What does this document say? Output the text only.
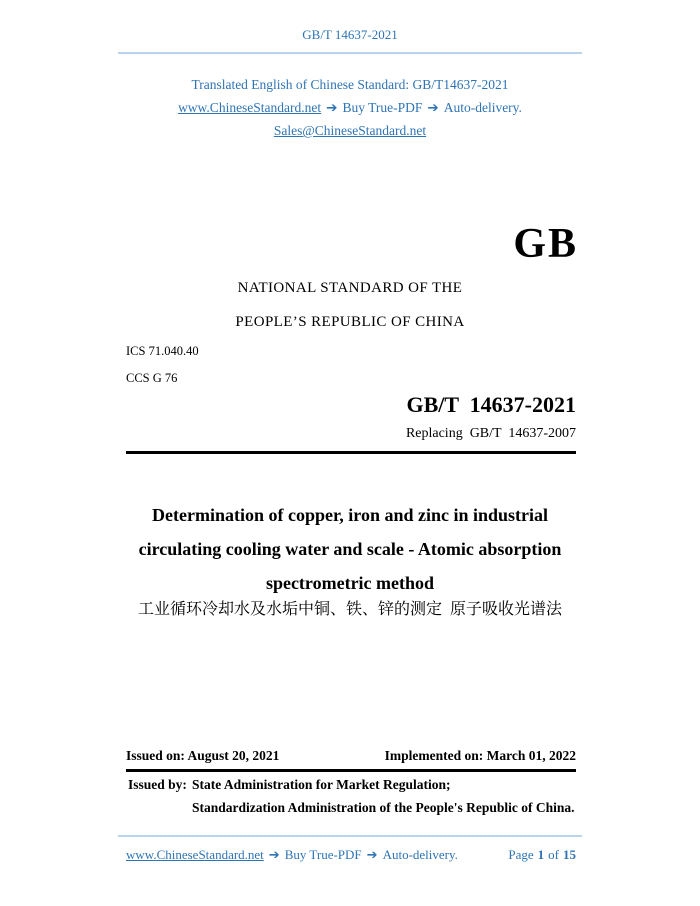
GB/T 14637-2021
Translated English of Chinese Standard: GB/T14637-2021
www.ChineseStandard.net ➔ Buy True-PDF ➔ Auto-delivery.
Sales@ChineseStandard.net
GB
NATIONAL STANDARD OF THE
PEOPLE’S REPUBLIC OF CHINA
ICS 71.040.40
CCS G 76
GB/T  14637-2021
Replacing  GB/T  14637-2007
Determination of copper, iron and zinc in industrial
circulating cooling water and scale - Atomic absorption
spectrometric method
工业循环冷却水及水垢中铜、铁、锌的测定  原子吸收光谱法
Issued on: August 20, 2021	Implemented on: March 01, 2022
Issued by: State Administration for Market Regulation;
Standardization Administration of the People's Republic of China.
www.ChineseStandard.net ➔ Buy True-PDF ➔ Auto-delivery.	Page 1 of 15
